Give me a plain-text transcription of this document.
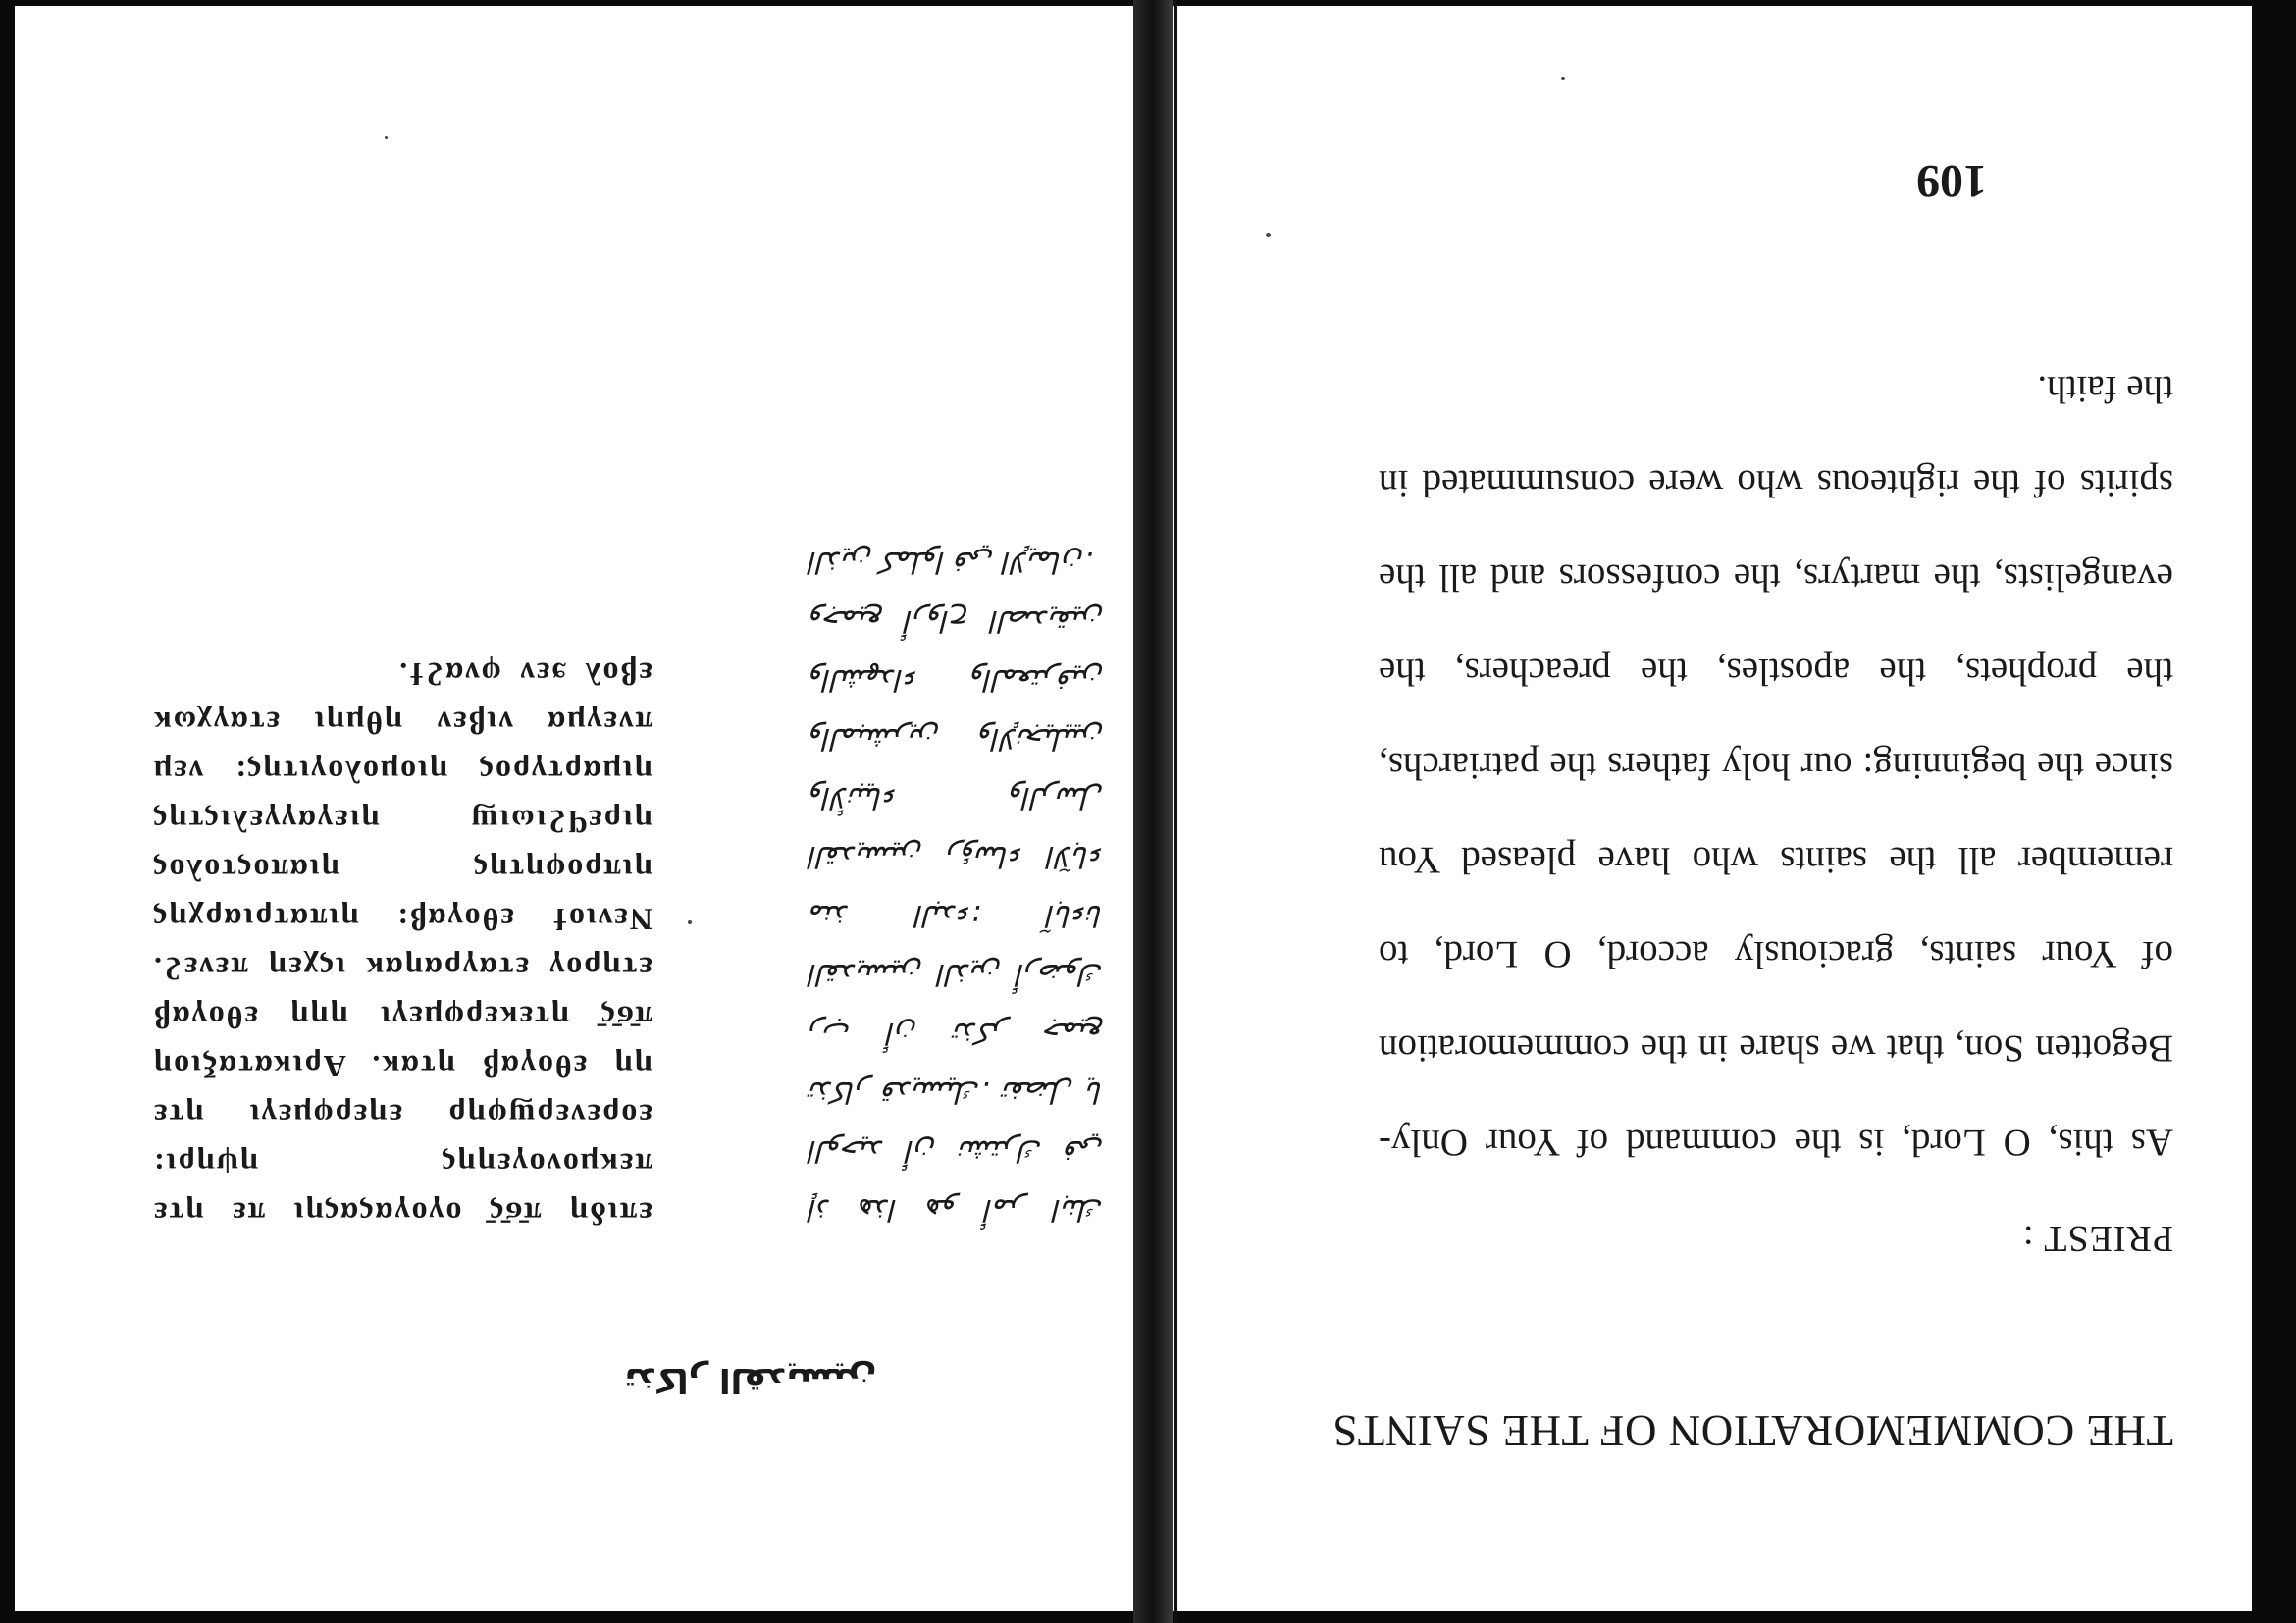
THE COMMEMORATION OF THE SAINTS
PRIEST :

As this, O Lord, is the command of Your Only-Begotten Son, that we share in the commemoration of Your saints, graciously accord, O Lord, to remember all the saints who have pleased You since the beginning: our holy fathers the patriarchs, the prophets, the apostles, the preachers, the evangelists, the martyrs, the confessors and all the spirits of the righteous who were consummated in the faith.

109
تذكار القديسين

επιδη π̄ϭ̄ς̄ ογογαςαςηι πε ητε πεκμονογεηης ηψηρι: εορενερϣφηρ εηερφμεγι ητε ηη εθογαβ ητακ. Αρικαταξιοη π̄ϭ̄ς̄ ητεκερφμεγι ηηη εθογαβ ετηρογ εταγραηακ ιςχεη πενεϩ. Νενιοϯ εθογαβ: ηιπατριαρχης ηιπροφητης ηιαποςτολος ηιρεϥϩιωιϣ ηιεγαγγελιςτης ηιμαρτγρος ηιομολογιτης: νεμ πνεγμα νιβεν ηθμηι εταγχωκ εβολ ϧεν φναϩϯ.

إذ هذا هو أمر ابنك الوحيد أن نشترك في تذكار قديسيك. تفضل يا رب أن تذكر جميع القديسين الذين أرضوك منذ البدء: آباءنا القديسين رؤساء الآباء والأنبياء والرسل والمبشرين والإنجيليين والشهداء والمعترفين وجميع أرواح الصديقين الذين كملوا في الإيمان.
